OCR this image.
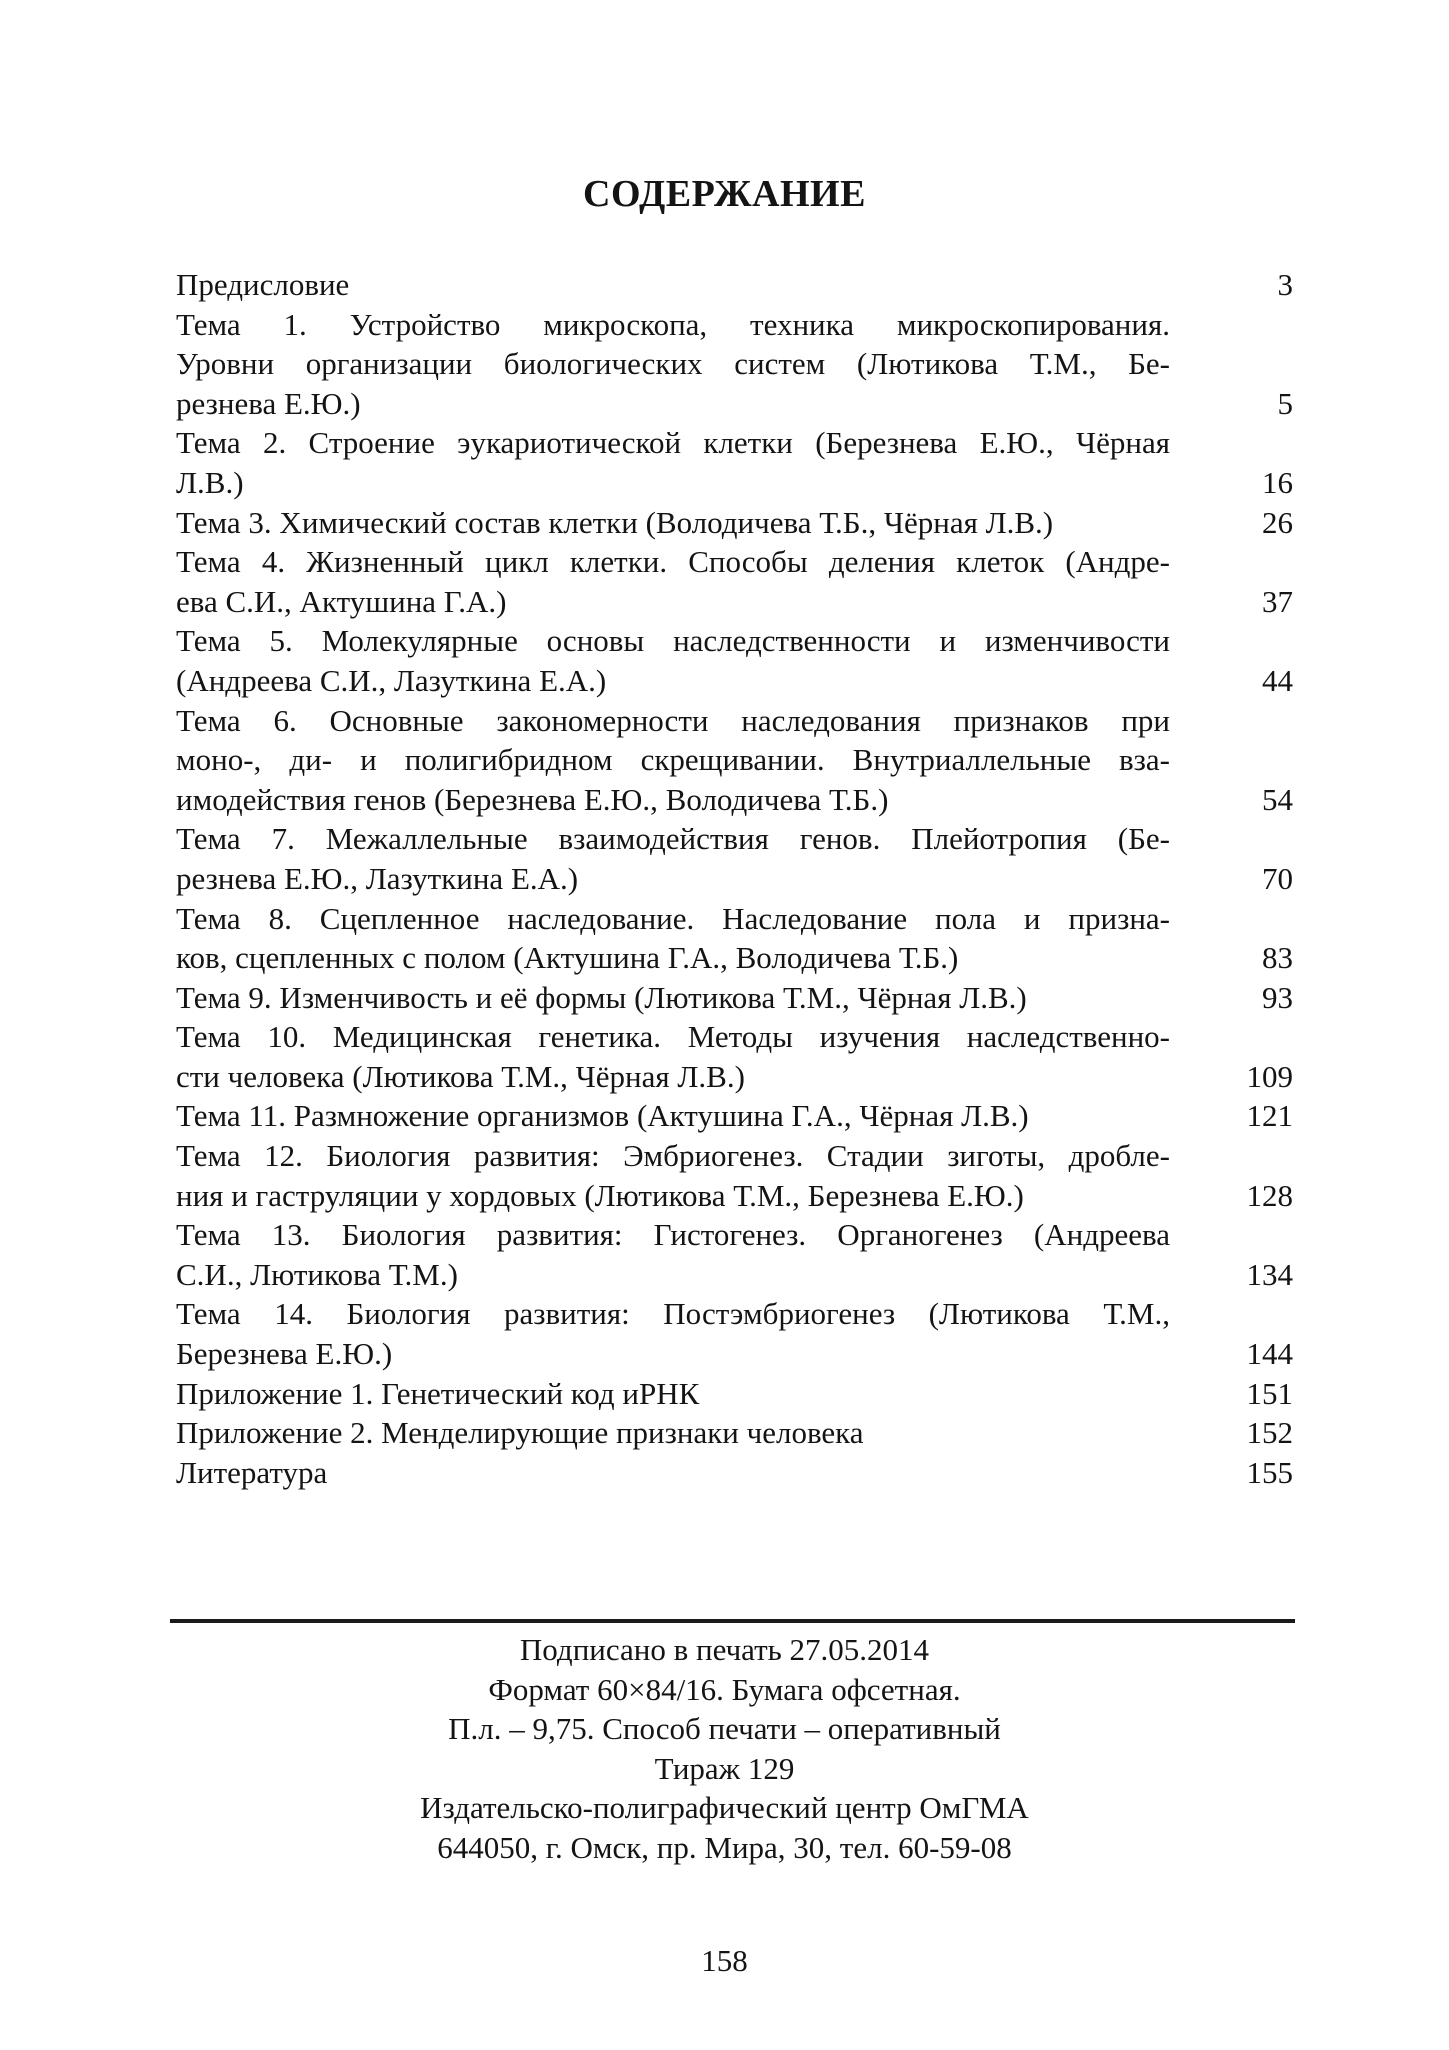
СОДЕРЖАНИЕ
Предисловие	3
Тема 1. Устройство микроскопа, техника микроскопирования.
Уровни организации биологических систем (Лютикова Т.М., Бе-
резнева Е.Ю.)	5
Тема 2. Строение эукариотической клетки (Березнева Е.Ю., Чёрная
Л.В.)	16
Тема 3. Химический состав клетки (Володичева Т.Б., Чёрная Л.В.)	26
Тема 4. Жизненный цикл клетки. Способы деления клеток (Андре-
ева С.И., Актушина Г.А.)	37
Тема 5. Молекулярные основы наследственности и изменчивости
(Андреева С.И., Лазуткина Е.А.)	44
Тема 6. Основные закономерности наследования признаков при
моно-, ди- и полигибридном скрещивании. Внутриаллельные вза-
имодействия генов (Березнева Е.Ю., Володичева Т.Б.)	54
Тема 7. Межаллельные взаимодействия генов. Плейотропия (Бе-
резнева Е.Ю., Лазуткина Е.А.)	70
Тема 8. Сцепленное наследование. Наследование пола и призна-
ков, сцепленных с полом (Актушина Г.А., Володичева Т.Б.)	83
Тема 9. Изменчивость и её формы (Лютикова Т.М., Чёрная Л.В.)	93
Тема 10. Медицинская генетика. Методы изучения наследственно-
сти человека (Лютикова Т.М., Чёрная Л.В.)	109
Тема 11. Размножение организмов (Актушина Г.А., Чёрная Л.В.)	121
Тема 12. Биология развития: Эмбриогенез. Стадии зиготы, дробле-
ния и гаструляции у хордовых (Лютикова Т.М., Березнева Е.Ю.)	128
Тема 13. Биология развития: Гистогенез. Органогенез (Андреева
С.И., Лютикова Т.М.)	134
Тема 14. Биология развития: Постэмбриогенез (Лютикова Т.М.,
Березнева Е.Ю.)	144
Приложение 1. Генетический код иРНК	151
Приложение 2. Менделирующие признаки человека	152
Литература	155
Подписано в печать 27.05.2014
Формат 60×84/16. Бумага офсетная.
П.л. – 9,75. Способ печати – оперативный
Тираж 129
Издательско-полиграфический центр ОмГМА
644050, г. Омск, пр. Мира, 30, тел. 60-59-08
158
